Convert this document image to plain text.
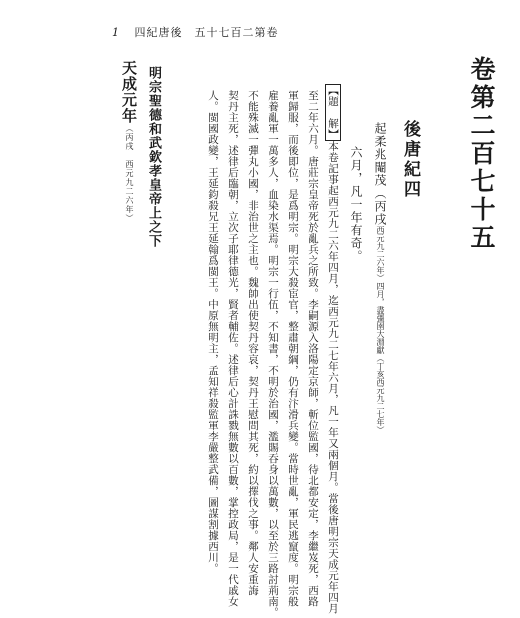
1 四紀唐後　五十七百二第卷
卷第二百七十五
後唐紀四
起柔兆閹茂（丙戌西元九二六年）四月，盡彊圉大淵獻（丁亥西元九二七年）
六月，凡一年有奇。
【題　解】本卷記事起西元九二六年四月，迄西元九二七年六月，凡一年又兩個月。當後唐明宗天成元年四月
至二年六月。唐莊宗皇帝死於亂兵之所致。李嗣源入洛陽定京師，斬位監國，待北都安定，李繼岌死，西路
軍歸服，而後即位，是爲明宗。明宗大殺宦官，整肅朝綱，仍有汴滑兵變。當時世亂，軍民逃竄度。明宗般
雇養亂軍一萬多人，血染水渠焉。明宗一行伍，不知書，不明於治國，濫賜吞身以萬數，以至於三路討荊南。
不能殊滅一彈丸小國，非治世之主也。魏帥出使契丹容哀，契丹王慰問其死，約以擇伐之事。鄰人安重誨
契丹主死，述律后臨朝，立次子耶律德光，賢者輔佐。述律后心計誅戮無數以百數，掌控政局，是一代戚女
人。閩國政變，王延鈞殺兄王延翰爲閩王。中原無明主，孟知祥殺監軍李嚴整武備，圖謀割據西川。
明宗聖德和武欽孝皇帝上之下
天成元年（丙戌　西元九二六年）
